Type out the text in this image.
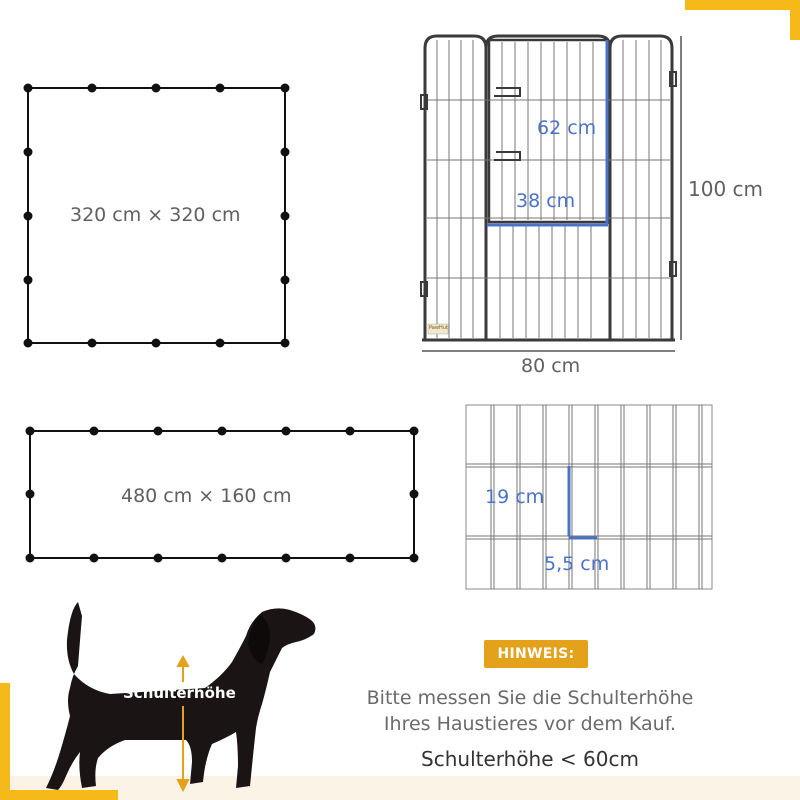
320 cm × 320 cm
480 cm × 160 cm
62 cm
38 cm	100 cm
80 cm
PawHut
19 cm
5,5 cm
Schulterhöhe
HINWEIS:
Bitte messen Sie die Schulterhöhe
Ihres Haustieres vor dem Kauf.
Schulterhöhe < 60cm
